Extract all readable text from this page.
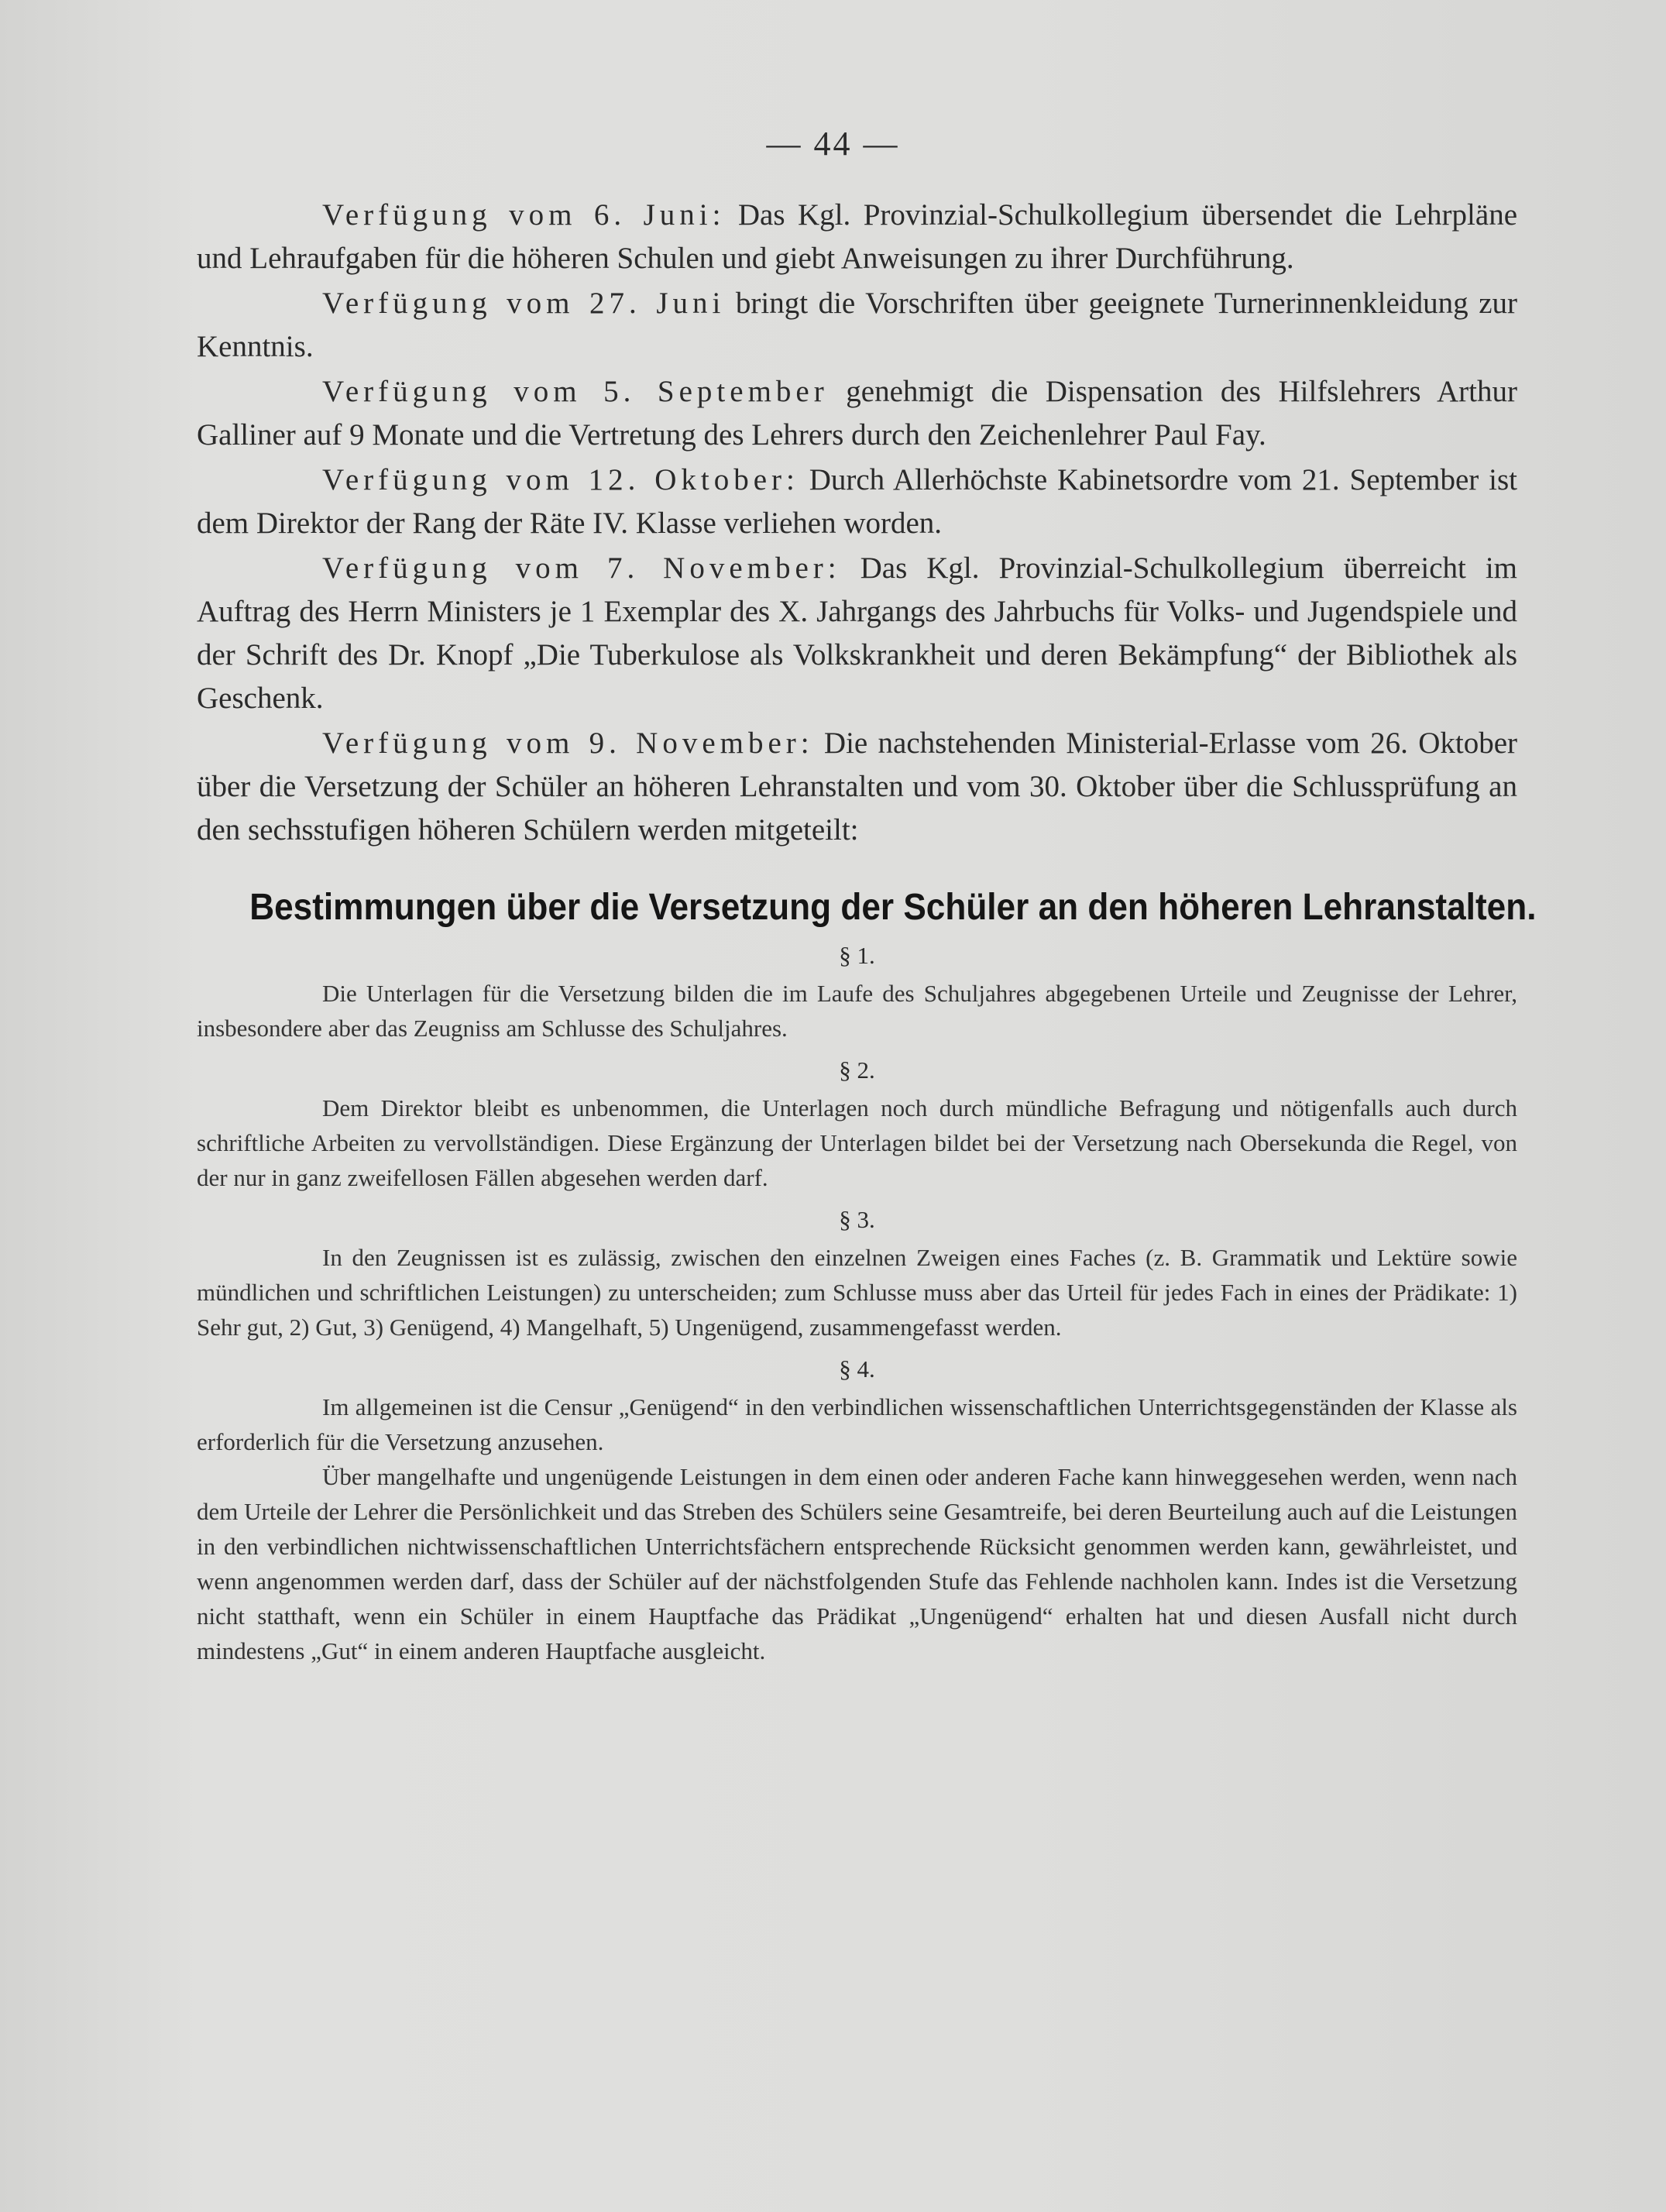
— 44 —

Verfügung vom 6. Juni: Das Kgl. Provinzial-Schulkollegium übersendet die Lehrpläne und Lehraufgaben für die höheren Schulen und giebt Anweisungen zu ihrer Durchführung.

Verfügung vom 27. Juni bringt die Vorschriften über geeignete Turnerinnenkleidung zur Kenntnis.

Verfügung vom 5. September genehmigt die Dispensation des Hilfslehrers Arthur Galliner auf 9 Monate und die Vertretung des Lehrers durch den Zeichenlehrer Paul Fay.

Verfügung vom 12. Oktober: Durch Allerhöchste Kabinetsordre vom 21. September ist dem Direktor der Rang der Räte IV. Klasse verliehen worden.

Verfügung vom 7. November: Das Kgl. Provinzial-Schulkollegium überreicht im Auftrag des Herrn Ministers je 1 Exemplar des X. Jahrgangs des Jahrbuchs für Volks- und Jugendspiele und der Schrift des Dr. Knopf „Die Tuberkulose als Volkskrankheit und deren Bekämpfung“ der Bibliothek als Geschenk.

Verfügung vom 9. November: Die nachstehenden Ministerial-Erlasse vom 26. Oktober über die Versetzung der Schüler an höheren Lehranstalten und vom 30. Oktober über die Schlussprüfung an den sechsstufigen höheren Schülern werden mitgeteilt:

Bestimmungen über die Versetzung der Schüler an den höheren Lehranstalten.
§ 1.

Die Unterlagen für die Versetzung bilden die im Laufe des Schuljahres abgegebenen Urteile und Zeugnisse der Lehrer, insbesondere aber das Zeugniss am Schlusse des Schuljahres.

§ 2.

Dem Direktor bleibt es unbenommen, die Unterlagen noch durch mündliche Befragung und nötigenfalls auch durch schriftliche Arbeiten zu vervollständigen. Diese Ergänzung der Unterlagen bildet bei der Versetzung nach Obersekunda die Regel, von der nur in ganz zweifellosen Fällen abgesehen werden darf.

§ 3.

In den Zeugnissen ist es zulässig, zwischen den einzelnen Zweigen eines Faches (z. B. Grammatik und Lektüre sowie mündlichen und schriftlichen Leistungen) zu unterscheiden; zum Schlusse muss aber das Urteil für jedes Fach in eines der Prädikate: 1) Sehr gut, 2) Gut, 3) Genügend, 4) Mangelhaft, 5) Ungenügend, zusammengefasst werden.

§ 4.

Im allgemeinen ist die Censur „Genügend“ in den verbindlichen wissenschaftlichen Unterrichtsgegenständen der Klasse als erforderlich für die Versetzung anzusehen.

Über mangelhafte und ungenügende Leistungen in dem einen oder anderen Fache kann hinweggesehen werden, wenn nach dem Urteile der Lehrer die Persönlichkeit und das Streben des Schülers seine Gesamtreife, bei deren Beurteilung auch auf die Leistungen in den verbindlichen nichtwissenschaftlichen Unterrichtsfächern entsprechende Rücksicht genommen werden kann, gewährleistet, und wenn angenommen werden darf, dass der Schüler auf der nächstfolgenden Stufe das Fehlende nachholen kann. Indes ist die Versetzung nicht statthaft, wenn ein Schüler in einem Hauptfache das Prädikat „Ungenügend“ erhalten hat und diesen Ausfall nicht durch mindestens „Gut“ in einem anderen Hauptfache ausgleicht.
